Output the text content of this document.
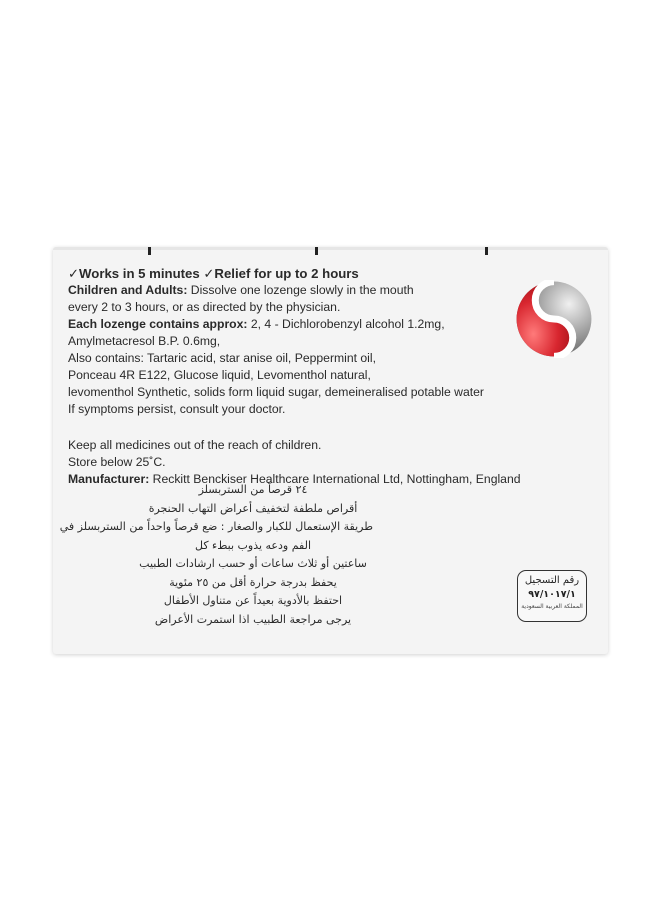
✓Works in 5 minutes ✓Relief for up to 2 hours
Children and Adults: Dissolve one lozenge slowly in the mouth
every 2 to 3 hours, or as directed by the physician.
Each lozenge contains approx: 2, 4 - Dichlorobenzyl alcohol 1.2mg,
Amylmetacresol B.P. 0.6mg,
Also contains: Tartaric acid, star anise oil, Peppermint oil,
Ponceau 4R E122, Glucose liquid, Levomenthol natural,
levomenthol Synthetic, solids form liquid sugar, demeineralised potable water
If symptoms persist, consult your doctor.
Keep all medicines out of the reach of children.
Store below 25˚C.
Manufacturer: Reckitt Benckiser Healthcare International Ltd, Nottingham, England
٢٤ قرصاً من الستربسلز
أقراص ملطفة لتخفيف أعراض التهاب الحنجرة
طريقة الإستعمال للكبار والصغار : ضع قرصاً واحداً من الستربسلز في
الفم ودعه يذوب ببطء كل
ساعتين أو ثلاث ساعات أو حسب ارشادات الطبيب
يحفظ بدرجة حرارة أقل من ٢٥ مئوية
احتفظ بالأدوية بعيداً عن متناول الأطفال
يرجى مراجعة الطبيب اذا استمرت الأعراض
رقم التسجيل
٩٧/١٠١٧/١
المملكة العربية السعودية
